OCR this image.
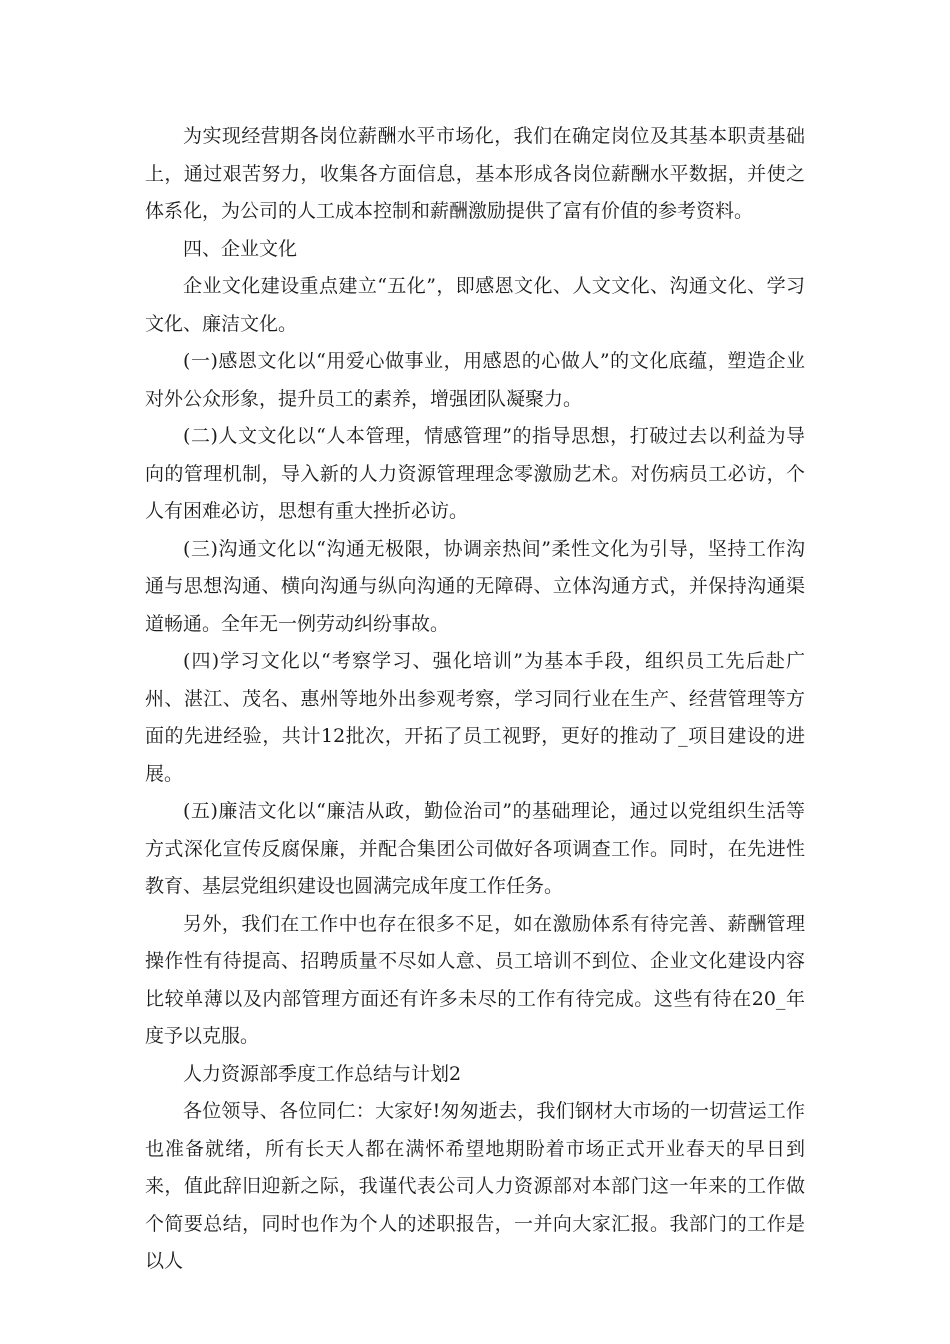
为实现经营期各岗位薪酬水平市场化，我们在确定岗位及其基本职责基础上，通过艰苦努力，收集各方面信息，基本形成各岗位薪酬水平数据，并使之体系化，为公司的人工成本控制和薪酬激励提供了富有价值的参考资料。

四、企业文化

企业文化建设重点建立“五化”，即感恩文化、人文文化、沟通文化、学习文化、廉洁文化。

(一)感恩文化以“用爱心做事业，用感恩的心做人”的文化底蕴，塑造企业对外公众形象，提升员工的素养，增强团队凝聚力。

(二)人文文化以“人本管理，情感管理”的指导思想，打破过去以利益为导向的管理机制，导入新的人力资源管理理念零激励艺术。对伤病员工必访，个人有困难必访，思想有重大挫折必访。

(三)沟通文化以“沟通无极限，协调亲热间”柔性文化为引导，坚持工作沟通与思想沟通、横向沟通与纵向沟通的无障碍、立体沟通方式，并保持沟通渠道畅通。全年无一例劳动纠纷事故。

(四)学习文化以“考察学习、强化培训”为基本手段，组织员工先后赴广州、湛江、茂名、惠州等地外出参观考察，学习同行业在生产、经营管理等方面的先进经验，共计12批次，开拓了员工视野，更好的推动了_项目建设的进展。

(五)廉洁文化以“廉洁从政，勤俭治司”的基础理论，通过以党组织生活等方式深化宣传反腐保廉，并配合集团公司做好各项调查工作。同时，在先进性教育、基层党组织建设也圆满完成年度工作任务。

另外，我们在工作中也存在很多不足，如在激励体系有待完善、薪酬管理操作性有待提高、招聘质量不尽如人意、员工培训不到位、企业文化建设内容比较单薄以及内部管理方面还有许多未尽的工作有待完成。这些有待在20_年度予以克服。

人力资源部季度工作总结与计划2

各位领导、各位同仁：大家好!匆匆逝去，我们钢材大市场的一切营运工作也准备就绪，所有长天人都在满怀希望地期盼着市场正式开业春天的早日到来，值此辞旧迎新之际，我谨代表公司人力资源部对本部门这一年来的工作做个简要总结，同时也作为个人的述职报告，一并向大家汇报。我部门的工作是以人
